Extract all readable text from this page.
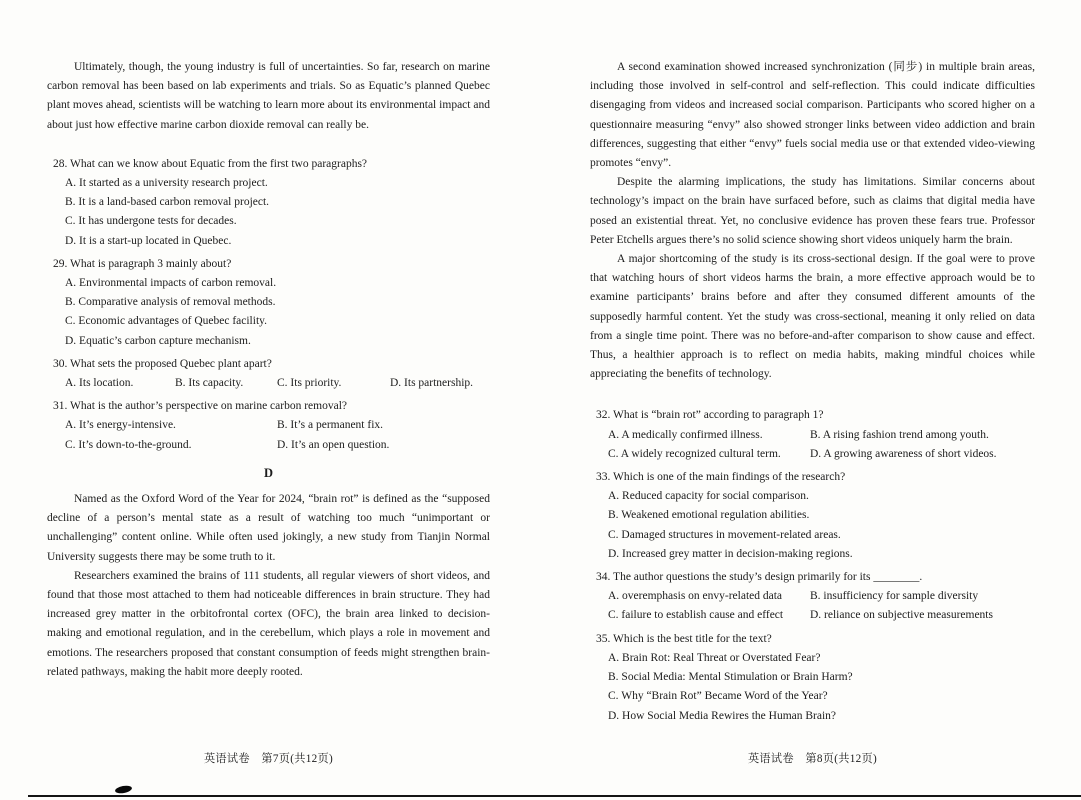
Ultimately, though, the young industry is full of uncertainties. So far, research on marine carbon removal has been based on lab experiments and trials. So as Equatic’s planned Quebec plant moves ahead, scientists will be watching to learn more about its environmental impact and about just how effective marine carbon dioxide removal can really be.

28. What can we know about Equatic from the first two paragraphs?
A. It started as a university research project.
B. It is a land-based carbon removal project.
C. It has undergone tests for decades.
D. It is a start-up located in Quebec.
29. What is paragraph 3 mainly about?
A. Environmental impacts of carbon removal.
B. Comparative analysis of removal methods.
C. Economic advantages of Quebec facility.
D. Equatic’s carbon capture mechanism.
30. What sets the proposed Quebec plant apart?
A. Its location.	B. Its capacity.	C. Its priority.	D. Its partnership.
31. What is the author’s perspective on marine carbon removal?
A. It’s energy-intensive.	B. It’s a permanent fix.
C. It’s down-to-the-ground.	D. It’s an open question.
D

Named as the Oxford Word of the Year for 2024, “brain rot” is defined as the “supposed decline of a person’s mental state as a result of watching too much “unimportant or unchallenging” content online. While often used jokingly, a new study from Tianjin Normal University suggests there may be some truth to it.

Researchers examined the brains of 111 students, all regular viewers of short videos, and found that those most attached to them had noticeable differences in brain structure. They had increased grey matter in the orbitofrontal cortex (OFC), the brain area linked to decision-making and emotional regulation, and in the cerebellum, which plays a role in movement and emotions. The researchers proposed that constant consumption of feeds might strengthen brain-related pathways, making the habit more deeply rooted.

英语试卷　第7页(共12页)

A second examination showed increased synchronization (同步) in multiple brain areas, including those involved in self-control and self-reflection. This could indicate difficulties disengaging from videos and increased social comparison. Participants who scored higher on a questionnaire measuring “envy” also showed stronger links between video addiction and brain differences, suggesting that either “envy” fuels social media use or that extended video-viewing promotes “envy”.

Despite the alarming implications, the study has limitations. Similar concerns about technology’s impact on the brain have surfaced before, such as claims that digital media have posed an existential threat. Yet, no conclusive evidence has proven these fears true. Professor Peter Etchells argues there’s no solid science showing short videos uniquely harm the brain.

A major shortcoming of the study is its cross-sectional design. If the goal were to prove that watching hours of short videos harms the brain, a more effective approach would be to examine participants’ brains before and after they consumed different amounts of the supposedly harmful content. Yet the study was cross-sectional, meaning it only relied on data from a single time point. There was no before-and-after comparison to show cause and effect. Thus, a healthier approach is to reflect on media habits, making mindful choices while appreciating the benefits of technology.

32. What is “brain rot” according to paragraph 1?
A. A medically confirmed illness.	B. A rising fashion trend among youth.
C. A widely recognized cultural term.	D. A growing awareness of short videos.
33. Which is one of the main findings of the research?
A. Reduced capacity for social comparison.
B. Weakened emotional regulation abilities.
C. Damaged structures in movement-related areas.
D. Increased grey matter in decision-making regions.
34. The author questions the study’s design primarily for its ________.
A. overemphasis on envy-related data	B. insufficiency for sample diversity
C. failure to establish cause and effect	D. reliance on subjective measurements
35. Which is the best title for the text?
A. Brain Rot: Real Threat or Overstated Fear?
B. Social Media: Mental Stimulation or Brain Harm?
C. Why “Brain Rot” Became Word of the Year?
D. How Social Media Rewires the Human Brain?
英语试卷　第8页(共12页)
